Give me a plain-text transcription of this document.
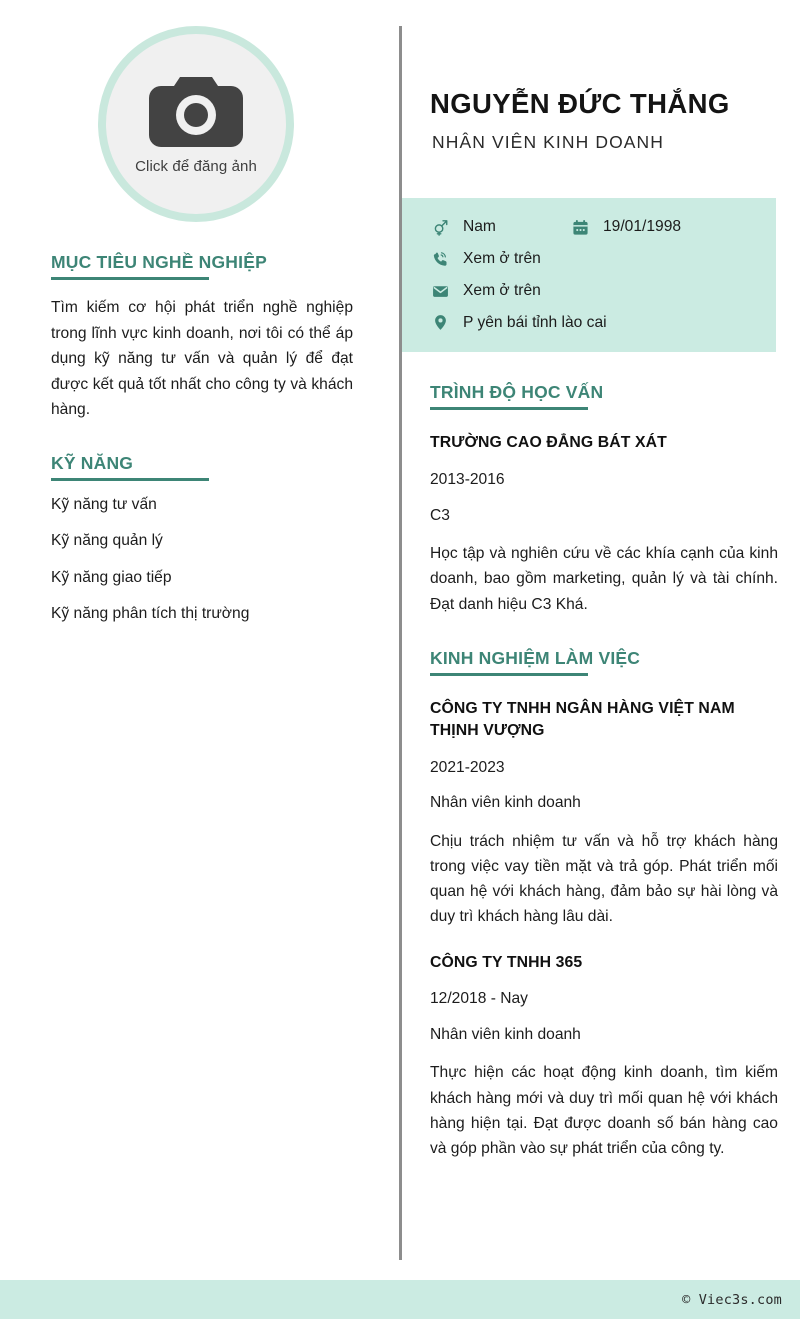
Click để đăng ảnh
MỤC TIÊU NGHỀ NGHIỆP
Tìm kiếm cơ hội phát triển nghề nghiệp trong lĩnh vực kinh doanh, nơi tôi có thể áp dụng kỹ năng tư vấn và quản lý để đạt được kết quả tốt nhất cho công ty và khách hàng.
KỸ NĂNG
Kỹ năng tư vấn
Kỹ năng quản lý
Kỹ năng giao tiếp
Kỹ năng phân tích thị trường
NGUYỄN ĐỨC THẮNG
NHÂN VIÊN KINH DOANH
Nam	19/01/1998
Xem ở trên
Xem ở trên
P yên bái tỉnh lào cai
TRÌNH ĐỘ HỌC VẤN
TRƯỜNG CAO ĐẲNG BÁT XÁT
2013-2016
C3
Học tập và nghiên cứu về các khía cạnh của kinh doanh, bao gồm marketing, quản lý và tài chính. Đạt danh hiệu C3 Khá.
KINH NGHIỆM LÀM VIỆC
CÔNG TY TNHH NGÂN HÀNG VIỆT NAM THỊNH VƯỢNG
2021-2023
Nhân viên kinh doanh
Chịu trách nhiệm tư vấn và hỗ trợ khách hàng trong việc vay tiền mặt và trả góp. Phát triển mối quan hệ với khách hàng, đảm bảo sự hài lòng và duy trì khách hàng lâu dài.
CÔNG TY TNHH 365
12/2018 - Nay
Nhân viên kinh doanh
Thực hiện các hoạt động kinh doanh, tìm kiếm khách hàng mới và duy trì mối quan hệ với khách hàng hiện tại. Đạt được doanh số bán hàng cao và góp phần vào sự phát triển của công ty.
© Viec3s.com
